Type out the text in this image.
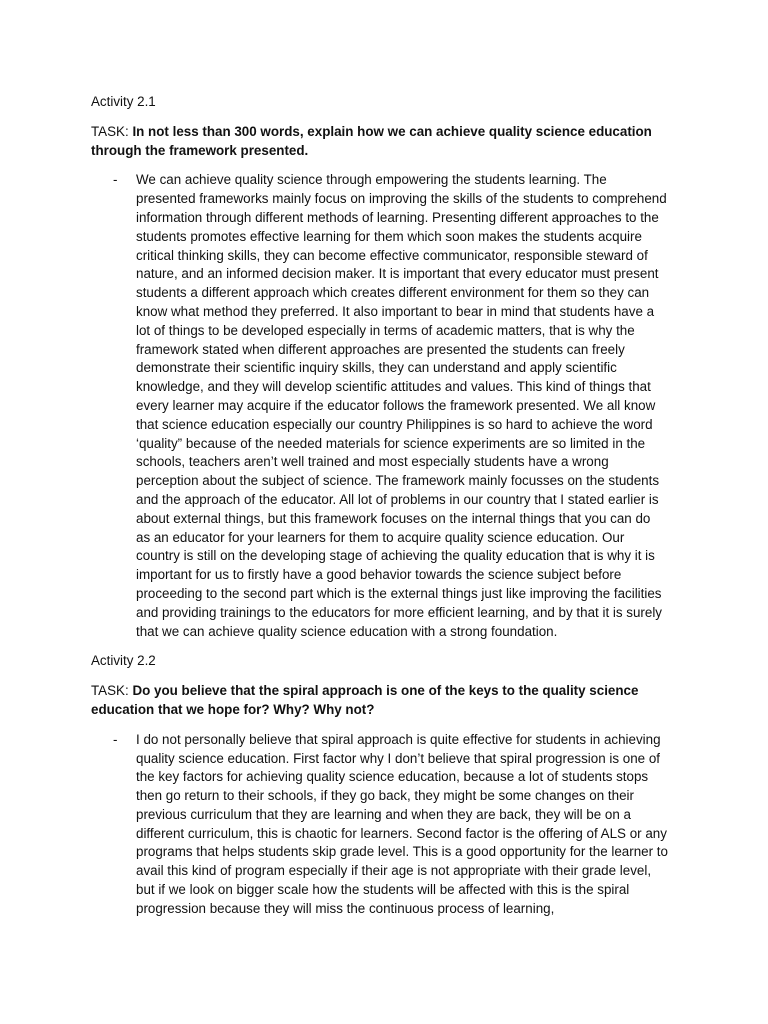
Activity 2.1
TASK: In not less than 300 words, explain how we can achieve quality science education through the framework presented.
- We can achieve quality science through empowering the students learning. The presented frameworks mainly focus on improving the skills of the students to comprehend information through different methods of learning. Presenting different approaches to the students promotes effective learning for them which soon makes the students acquire critical thinking skills, they can become effective communicator, responsible steward of nature, and an informed decision maker. It is important that every educator must present students a different approach which creates different environment for them so they can know what method they preferred. It also important to bear in mind that students have a lot of things to be developed especially in terms of academic matters, that is why the framework stated when different approaches are presented the students can freely demonstrate their scientific inquiry skills, they can understand and apply scientific knowledge, and they will develop scientific attitudes and values. This kind of things that every learner may acquire if the educator follows the framework presented. We all know that science education especially our country Philippines is so hard to achieve the word ‘quality” because of the needed materials for science experiments are so limited in the schools, teachers aren’t well trained and most especially students have a wrong perception about the subject of science. The framework mainly focusses on the students and the approach of the educator. All lot of problems in our country that I stated earlier is about external things, but this framework focuses on the internal things that you can do as an educator for your learners for them to acquire quality science education. Our country is still on the developing stage of achieving the quality education that is why it is important for us to firstly have a good behavior towards the science subject before proceeding to the second part which is the external things just like improving the facilities and providing trainings to the educators for more efficient learning, and by that it is surely that we can achieve quality science education with a strong foundation.

Activity 2.2
TASK: Do you believe that the spiral approach is one of the keys to the quality science education that we hope for? Why? Why not?
- I do not personally believe that spiral approach is quite effective for students in achieving quality science education. First factor why I don’t believe that spiral progression is one of the key factors for achieving quality science education, because a lot of students stops then go return to their schools, if they go back, they might be some changes on their previous curriculum that they are learning and when they are back, they will be on a different curriculum, this is chaotic for learners. Second factor is the offering of ALS or any programs that helps students skip grade level. This is a good opportunity for the learner to avail this kind of program especially if their age is not appropriate with their grade level, but if we look on bigger scale how the students will be affected with this is the spiral progression because they will miss the continuous process of learning,
